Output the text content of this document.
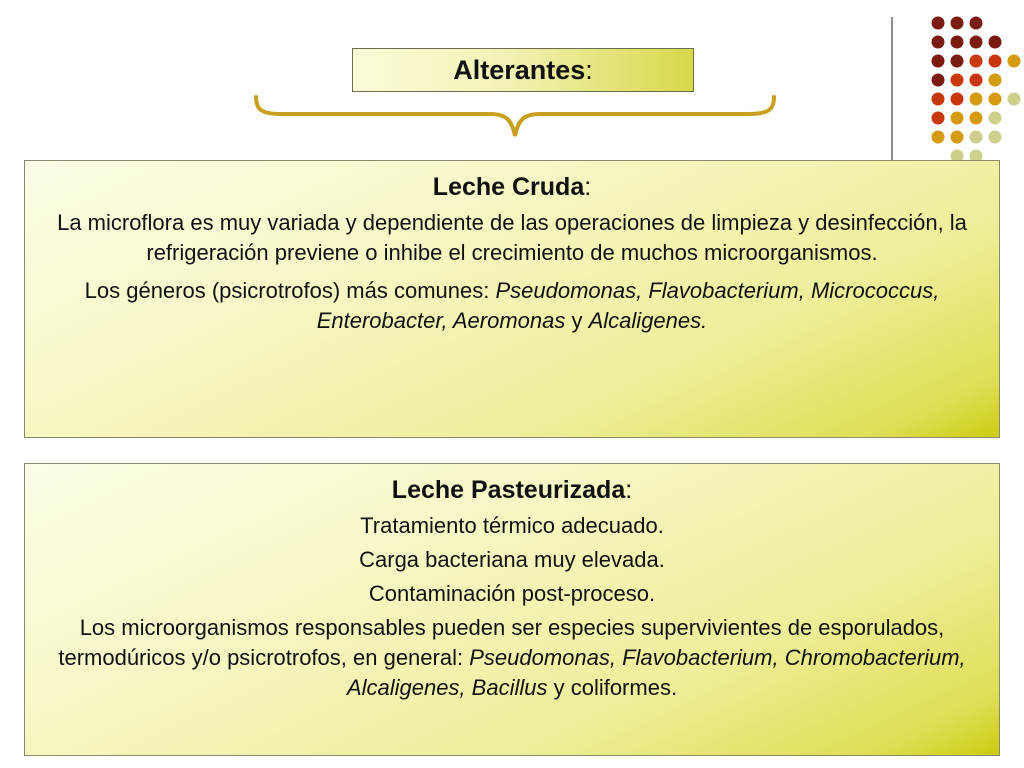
Alterantes :
Leche Cruda:

La microflora es muy variada y dependiente de las operaciones de limpieza y desinfección, la refrigeración previene o inhibe el crecimiento de muchos microorganismos.

Los géneros (psicrotrofos) más comunes: Pseudomonas, Flavobacterium, Micrococcus, Enterobacter, Aeromonas y Alcaligenes.

Leche Pasteurizada:

Tratamiento térmico adecuado.

Carga bacteriana muy elevada.

Contaminación post-proceso.

Los microorganismos responsables pueden ser especies supervivientes de esporulados, termodúricos y/o psicrotrofos, en general: Pseudomonas, Flavobacterium, Chromobacterium, Alcaligenes, Bacillus y coliformes.
